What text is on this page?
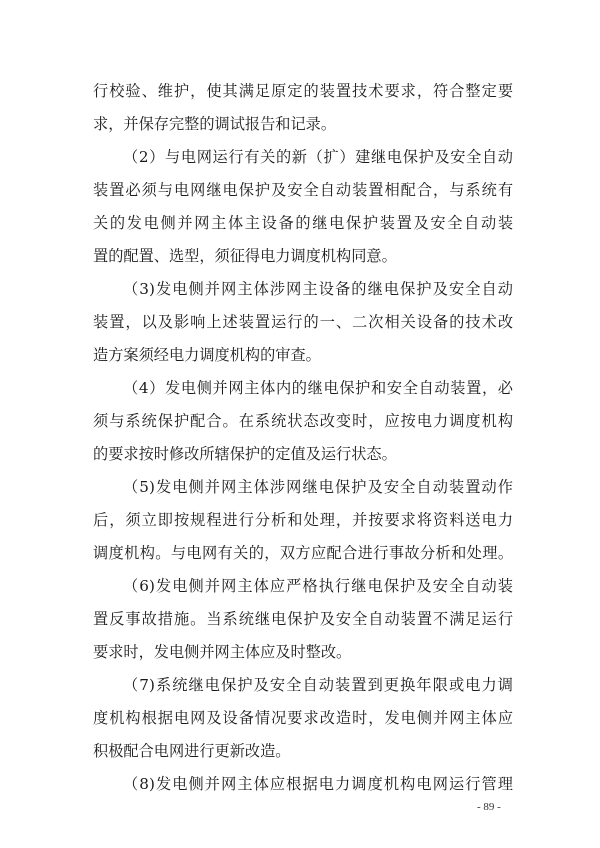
行校验、维护，使其满足原定的装置技术要求，符合整定要
求，并保存完整的调试报告和记录。
（2）与电网运行有关的新（扩）建继电保护及安全自动
装置必须与电网继电保护及安全自动装置相配合，与系统有
关的发电侧并网主体主设备的继电保护装置及安全自动装
置的配置、选型，须征得电力调度机构同意。
（3)发电侧并网主体涉网主设备的继电保护及安全自动
装置，以及影响上述装置运行的一、二次相关设备的技术改
造方案须经电力调度机构的审查。
（4）发电侧并网主体内的继电保护和安全自动装置，必
须与系统保护配合。在系统状态改变时，应按电力调度机构
的要求按时修改所辖保护的定值及运行状态。
（5)发电侧并网主体涉网继电保护及安全自动装置动作
后，须立即按规程进行分析和处理，并按要求将资料送电力
调度机构。与电网有关的，双方应配合进行事故分析和处理。
（6)发电侧并网主体应严格执行继电保护及安全自动装
置反事故措施。当系统继电保护及安全自动装置不满足运行
要求时，发电侧并网主体应及时整改。
（7)系统继电保护及安全自动装置到更换年限或电力调
度机构根据电网及设备情况要求改造时，发电侧并网主体应
积极配合电网进行更新改造。
（8)发电侧并网主体应根据电力调度机构电网运行管理
- 89 -
